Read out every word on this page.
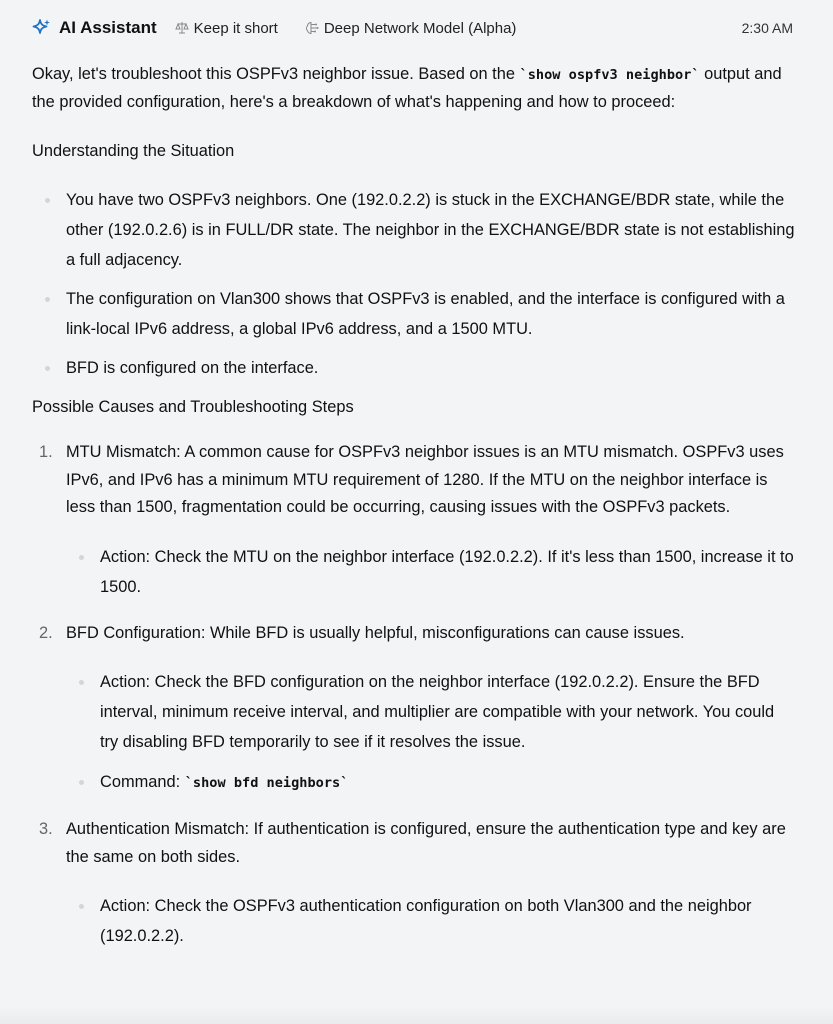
AI Assistant Keep it short	Deep Network Model (Alpha)	2:30 AM

Okay, let's troubleshoot this OSPFv3 neighbor issue. Based on the `show ospfv3 neighbor` output and the provided configuration, here's a breakdown of what's happening and how to proceed:

Understanding the Situation

You have two OSPFv3 neighbors. One (192.0.2.2) is stuck in the EXCHANGE/BDR state, while the other (192.0.2.6) is in FULL/DR state. The neighbor in the EXCHANGE/BDR state is not establishing a full adjacency.
The configuration on Vlan300 shows that OSPFv3 is enabled, and the interface is configured with a link-local IPv6 address, a global IPv6 address, and a 1500 MTU.
BFD is configured on the interface.

Possible Causes and Troubleshooting Steps

1. MTU Mismatch: A common cause for OSPFv3 neighbor issues is an MTU mismatch. OSPFv3 uses IPv6, and IPv6 has a minimum MTU requirement of 1280. If the MTU on the neighbor interface is less than 1500, fragmentation could be occurring, causing issues with the OSPFv3 packets.
Action: Check the MTU on the neighbor interface (192.0.2.2). If it's less than 1500, increase it to 1500.
2. BFD Configuration: While BFD is usually helpful, misconfigurations can cause issues.
Action: Check the BFD configuration on the neighbor interface (192.0.2.2). Ensure the BFD interval, minimum receive interval, and multiplier are compatible with your network. You could try disabling BFD temporarily to see if it resolves the issue.
Command: `show bfd neighbors`
3. Authentication Mismatch: If authentication is configured, ensure the authentication type and key are the same on both sides.
Action: Check the OSPFv3 authentication configuration on both Vlan300 and the neighbor (192.0.2.2).
